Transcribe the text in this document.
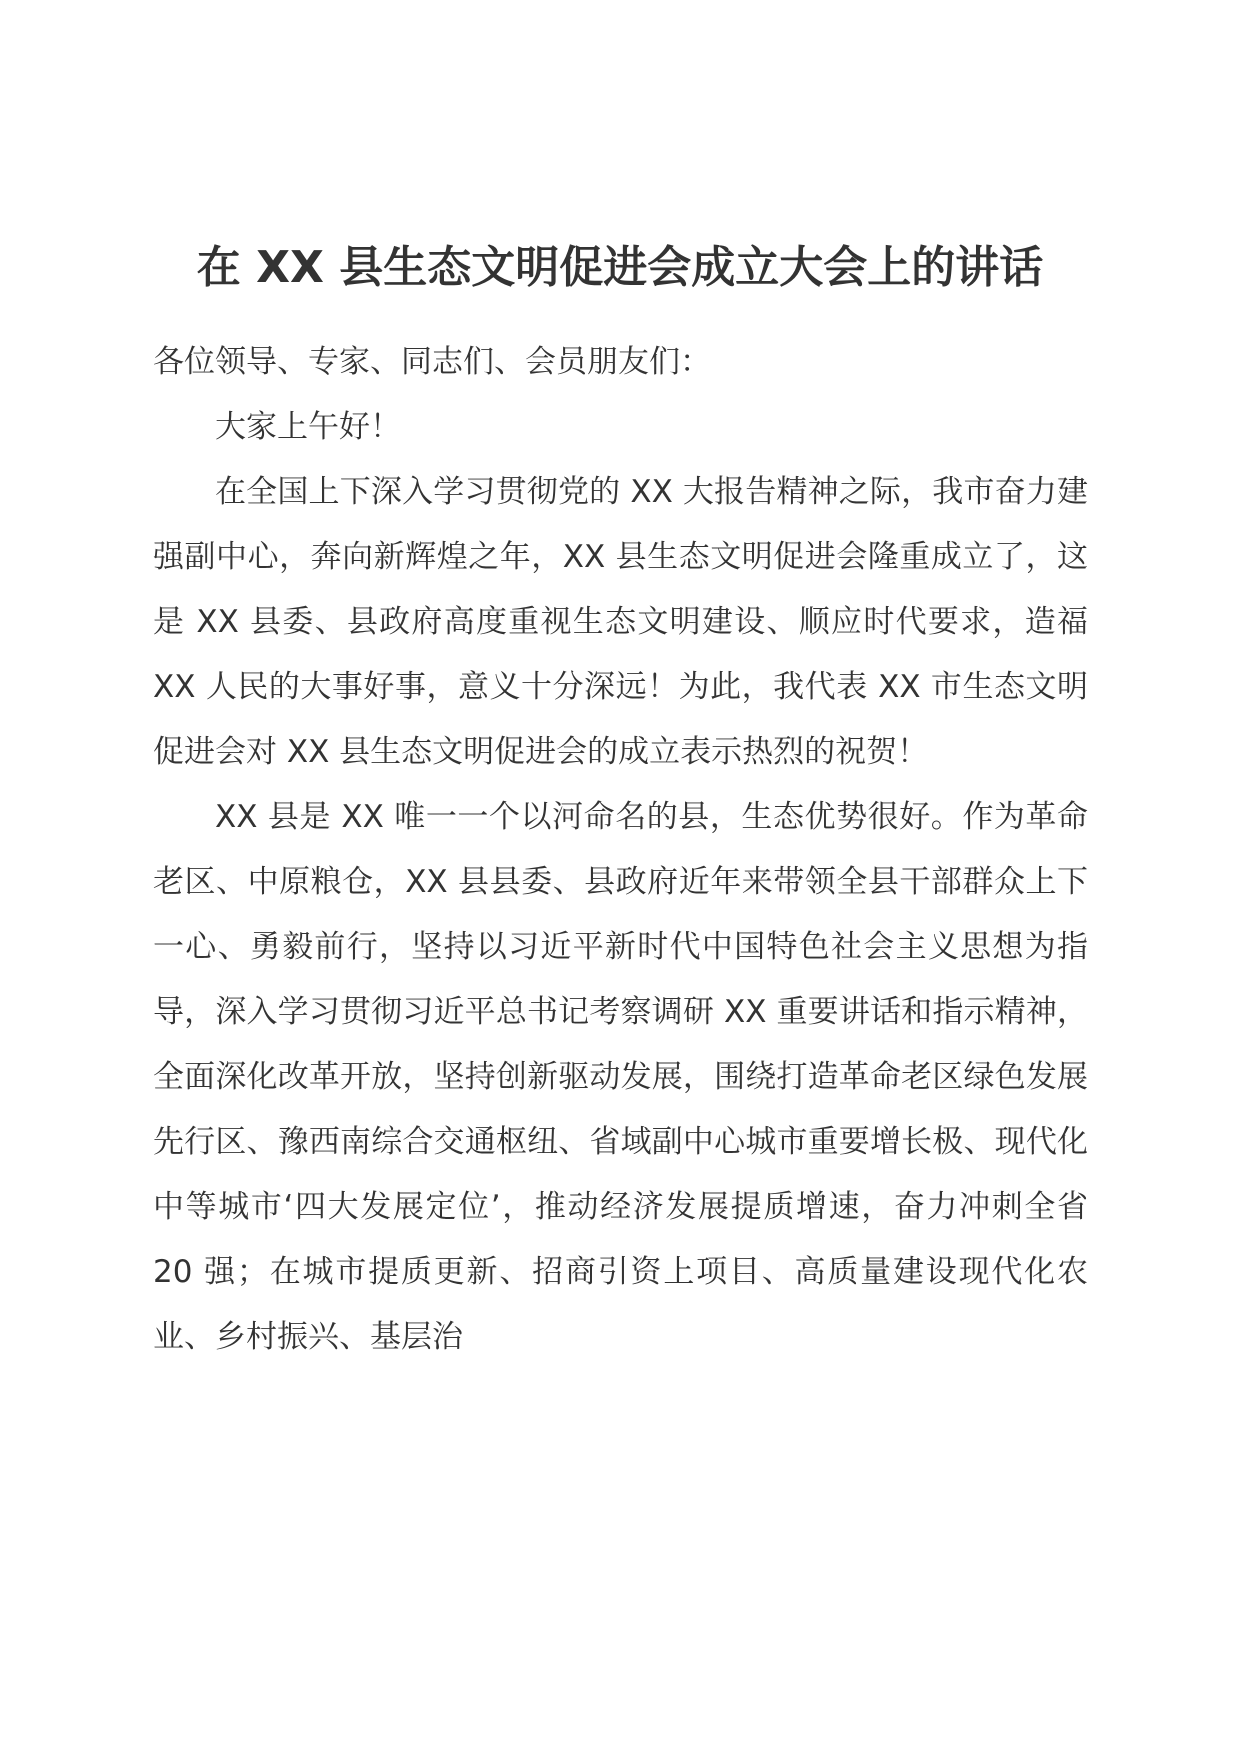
在 XX 县生态文明促进会成立大会上的讲话

各位领导、专家、同志们、会员朋友们：

大家上午好！

在全国上下深入学习贯彻党的 XX 大报告精神之际，我市奋力建强副中心，奔向新辉煌之年，XX 县生态文明促进会隆重成立了，这是 XX 县委、县政府高度重视生态文明建设、顺应时代要求，造福 XX 人民的大事好事，意义十分深远！为此，我代表 XX 市生态文明促进会对 XX 县生态文明促进会的成立表示热烈的祝贺！

XX 县是 XX 唯一一个以河命名的县，生态优势很好。作为革命老区、中原粮仓，XX 县县委、县政府近年来带领全县干部群众上下一心、勇毅前行，坚持以习近平新时代中国特色社会主义思想为指导，深入学习贯彻习近平总书记考察调研 XX 重要讲话和指示精神，全面深化改革开放，坚持创新驱动发展，围绕打造革命老区绿色发展先行区、豫西南综合交通枢纽、省域副中心城市重要增长极、现代化中等城市‘四大发展定位’，推动经济发展提质增速，奋力冲刺全省 20 强；在城市提质更新、招商引资上项目、高质量建设现代化农业、乡村振兴、基层治
